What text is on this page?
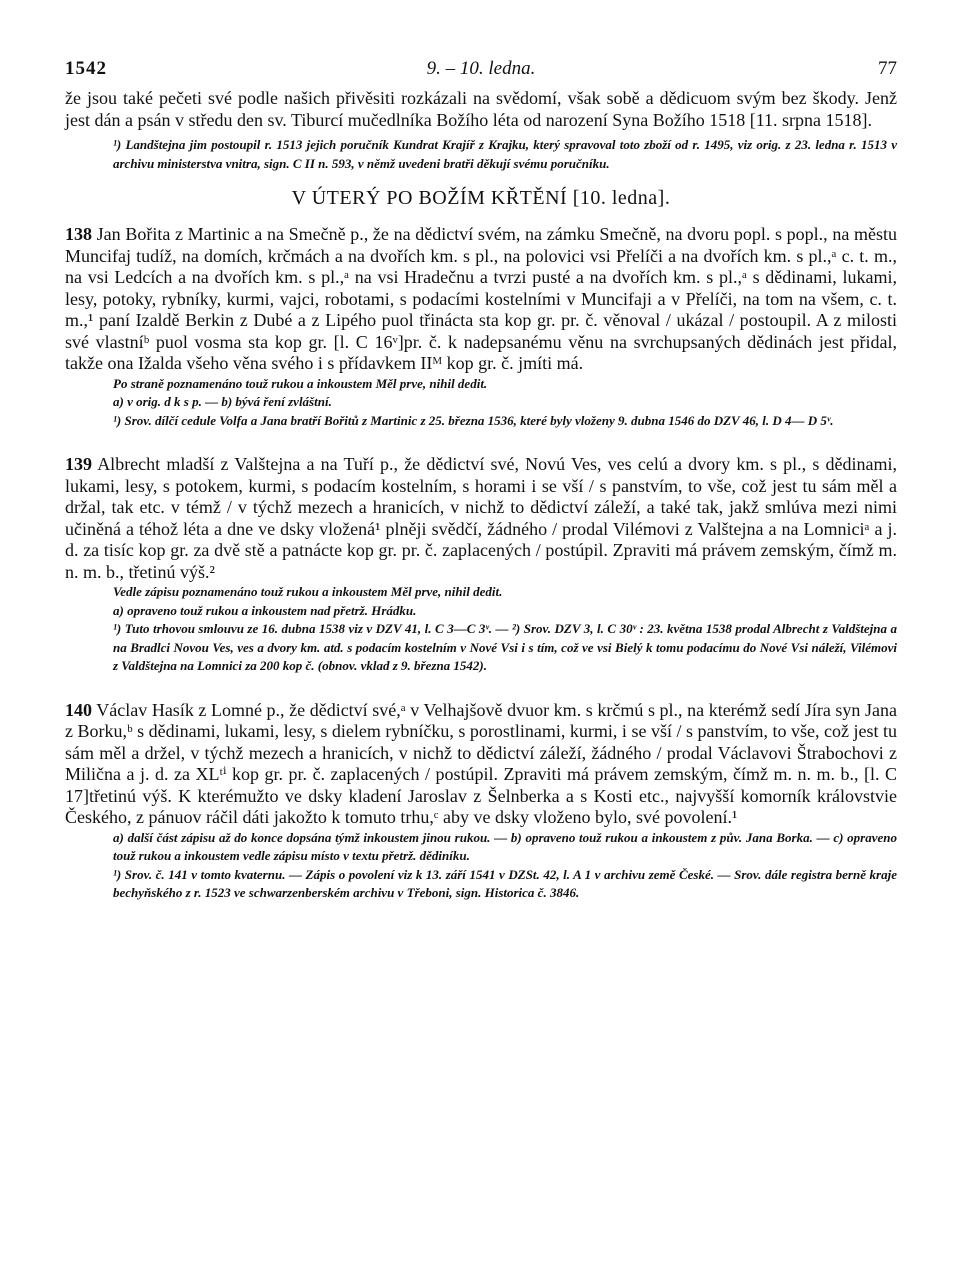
9. – 10. ledna.
1542	77

že jsou také pečeti své podle našich přivěsiti rozkázali na svědomí, však sobě a dědicuom svým bez škody. Jenž jest dán a psán v středu den sv. Tiburcí mučedlníka Božího léta od narození Syna Božího 1518 [11. srpna 1518].

¹) Landštejna jim postoupil r. 1513 jejich poručník Kundrat Krajíř z Krajku, který spravoval toto zboží od r. 1495, viz orig. z 23. ledna r. 1513 v archivu ministerstva vnitra, sign. C II n. 593, v němž uvedeni bratři děkují svému poručníku.

V ÚTERÝ PO BOŽÍM KŘTĚNÍ [10. ledna].

138 Jan Bořita z Martinic a na Smečně p., že na dědictví svém, na zámku Smečně, na dvoru popl. s popl., na městu Muncifaj tudíž, na domích, krčmách a na dvořích km. s pl., na polovici vsi Přelíči a na dvořích km. s pl.,ᵃ c. t. m., na vsi Ledcích a na dvořích km. s pl.,ᵃ na vsi Hradečnu a tvrzi pusté a na dvořích km. s pl.,ᵃ s dědinami, lukami, lesy, potoky, rybníky, kurmi, vajci, robotami, s podacími kostelními v Muncifaji a v Přelíči, na tom na všem, c. t. m.,¹ paní Izaldě Berkin z Dubé a z Lipého puol třinácta sta kop gr. pr. č. věnoval / ukázal / postoupil. A z milosti své vlastníᵇ puol vosma sta kop gr. [l. C 16ᵛ]pr. č. k nadepsanému věnu na svrchupsaných dědinách jest přidal, takže ona Ižalda všeho věna svého i s přídavkem IIᴹ kop gr. č. jmíti má.

Po straně poznamenáno touž rukou a inkoustem Měl prve, nihil dedit.

a) v orig. d k s p. — b) bývá ření zvláštní.

¹) Srov. dílčí cedule Volfa a Jana bratří Bořitů z Martinic z 25. března 1536, které byly vloženy 9. dubna 1546 do DZV 46, l. D 4— D 5ᵛ.

139 Albrecht mladší z Valštejna a na Tuří p., že dědictví své, Novú Ves, ves celú a dvory km. s pl., s dědinami, lukami, lesy, s potokem, kurmi, s podacím kostelním, s horami i se vší / s panstvím, to vše, což jest tu sám měl a držal, tak etc. v témž / v týchž mezech a hranicích, v nichž to dědictví záleží, a také tak, jakž smlúva mezi nimi učiněná a téhož léta a dne ve dsky vložená¹ plněji svědčí, žádného / prodal Vilémovi z Valštejna a na Lomniciᵃ a j. d. za tisíc kop gr. za dvě stě a patnácte kop gr. pr. č. zaplacených / postúpil. Zpraviti má právem zemským, čímž m. n. m. b., třetinú výš.²

Vedle zápisu poznamenáno touž rukou a inkoustem Měl prve, nihil dedit.

a) opraveno touž rukou a inkoustem nad přetrž. Hrádku.

¹) Tuto trhovou smlouvu ze 16. dubna 1538 viz v DZV 41, l. C 3—C 3ᵛ. — ²) Srov. DZV 3, l. C 30ᵛ : 23. května 1538 prodal Albrecht z Valdštejna a na Bradlci Novou Ves, ves a dvory km. atd. s podacím kostelním v Nové Vsi i s tím, což ve vsi Bielý k tomu podacímu do Nové Vsi náleží, Vilémovi z Valdštejna na Lomnici za 200 kop č. (obnov. vklad z 9. března 1542).

140 Václav Hasík z Lomné p., že dědictví své,ᵃ v Velhajšově dvuor km. s krčmú s pl., na kterémž sedí Jíra syn Jana z Borku,ᵇ s dědinami, lukami, lesy, s dielem rybníčku, s porostlinami, kurmi, i se vší / s panstvím, to vše, což jest tu sám měl a držel, v týchž mezech a hranicích, v nichž to dědictví záleží, žádného / prodal Václavovi Štrabochovi z Milična a j. d. za XLᵗⁱ kop gr. pr. č. zaplacených / postúpil. Zpraviti má právem zemským, čímž m. n. m. b., [l. C 17]třetinú výš. K kterémužto ve dsky kladení Jaroslav z Šelnberka a s Kosti etc., najvyšší komorník královstvie Českého, z pánuov ráčil dáti jakožto k tomuto trhu,ᶜ aby ve dsky vloženo bylo, své povolení.¹

a) další část zápisu až do konce dopsána týmž inkoustem jinou rukou. — b) opraveno touž rukou a inkoustem z pův. Jana Borka. — c) opraveno touž rukou a inkoustem vedle zápisu místo v textu přetrž. dědiníku.

¹) Srov. č. 141 v tomto kvaternu. — Zápis o povolení viz k 13. září 1541 v DZSt. 42, l. A 1 v archivu země České. — Srov. dále registra berně kraje bechyňského z r. 1523 ve schwarzenberském archivu v Třeboni, sign. Historica č. 3846.
